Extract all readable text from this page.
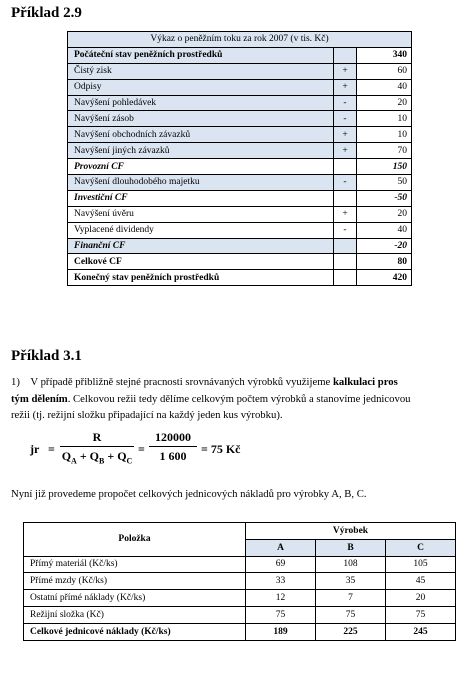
Příklad 2.9
Výkaz o peněžním toku za rok 2007 (v tis. Kč)		
Počáteční stav peněžních prostředků		340
Čistý zisk	+	60
Odpisy	+	40
Navýšení pohledávek	-	20
Navýšení zásob	-	10
Navýšení obchodních závazků	+	10
Navýšení jiných závazků	+	70
Provozní CF		150
Navýšení dlouhodobého majetku	-	50
Investiční CF		-50
Navýšení úvěru	+	20
Vyplacené dividendy	-	40
Finanční CF		-20
Celkové CF		80
Konečný stav peněžních prostředků		420
Příklad 3.1
1)    V případě přibližně stejné pracnosti srovnávaných výrobků využijeme kalkulaci pros
tým dělením. Celkovou režii tedy dělíme celkovým počtem výrobků a stanovíme jednicovou
režii (tj. režijní složku připadající na každý jeden kus výrobku).
jr = $\frac{R}{Q_A + Q_B + Q_C} = \frac{120000}{1 600} = 75$ Kč
Nyní již provedeme propočet celkových jednicových nákladů pro výrobky A, B, C.
Položka	Výrobek		
	A	B	C
Přímý materiál (Kč/ks)	69	108	105
Přímé mzdy (Kč/ks)	33	35	45
Ostatní přímé náklady (Kč/ks)	12	7	20
Režijní složka (Kč)	75	75	75
Celkové jednicové náklady (Kč/ks)	189	225	245
